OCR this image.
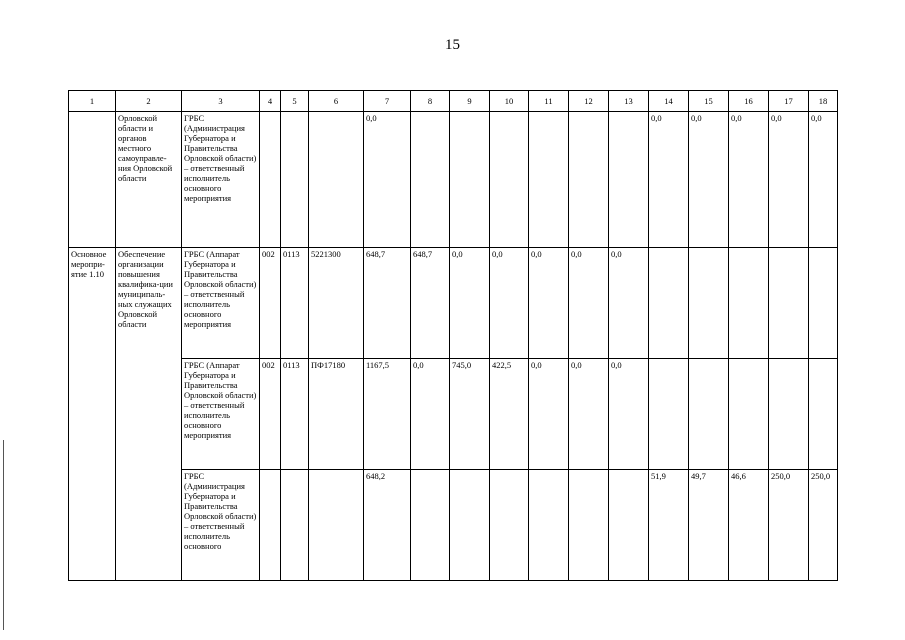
15
1	2	3	4	5	6	7	8	9	10	11	12	13	14	15	16	17	18
	Орловской области и органов местного самоуправле-ния Орловской области	ГРБС (Администрация Губернатора и Правительства Орловской области) – ответственный исполнитель основного мероприятия				0,0							0,0	0,0	0,0	0,0	0,0
Основное меропри-ятие 1.10	Обеспечение организации повышения квалифика-ции муниципаль-ных служащих Орловской области	ГРБС (Аппарат Губернатора и Правительства Орловской области) – ответственный исполнитель основного мероприятия	002	0113	5221300	648,7	648,7	0,0	0,0	0,0	0,0	0,0					
		ГРБС (Аппарат Губернатора и Правительства Орловской области) – ответственный исполнитель основного мероприятия	002	0113	ПФ17180	1167,5	0,0	745,0	422,5	0,0	0,0	0,0					
		ГРБС (Администрация Губернатора и Правительства Орловской области) – ответственный исполнитель основного				648,2							51,9	49,7	46,6	250,0	250,0
